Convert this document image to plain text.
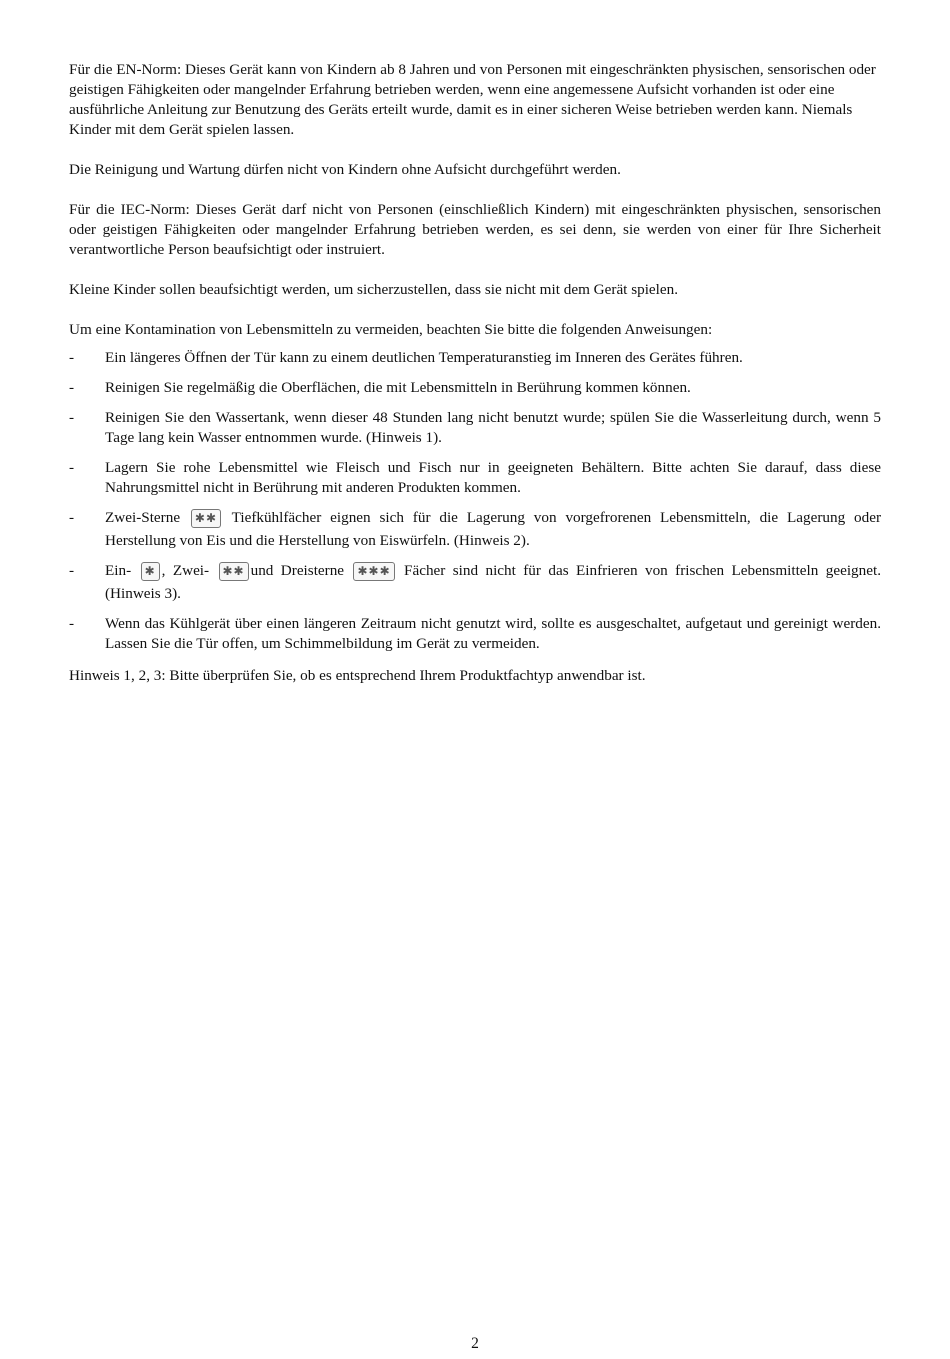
Für die EN-Norm: Dieses Gerät kann von Kindern ab 8 Jahren und von Personen mit eingeschränkten physischen, sensorischen oder geistigen Fähigkeiten oder mangelnder Erfahrung betrieben werden, wenn eine angemessene Aufsicht vorhanden ist oder eine ausführliche Anleitung zur Benutzung des Geräts erteilt wurde, damit es in einer sicheren Weise betrieben werden kann. Niemals Kinder mit dem Gerät spielen lassen.

Die Reinigung und Wartung dürfen nicht von Kindern ohne Aufsicht durchgeführt werden.

Für die IEC-Norm: Dieses Gerät darf nicht von Personen (einschließlich Kindern) mit eingeschränkten physischen, sensorischen oder geistigen Fähigkeiten oder mangelnder Erfahrung betrieben werden, es sei denn, sie werden von einer für Ihre Sicherheit verantwortliche Person beaufsichtigt oder instruiert.

Kleine Kinder sollen beaufsichtigt werden, um sicherzustellen, dass sie nicht mit dem Gerät spielen.

Um eine Kontamination von Lebensmitteln zu vermeiden, beachten Sie bitte die folgenden Anweisungen:

- Ein längeres Öffnen der Tür kann zu einem deutlichen Temperaturanstieg im Inneren des Gerätes führen.
- Reinigen Sie regelmäßig die Oberflächen, die mit Lebensmitteln in Berührung kommen können.
- Reinigen Sie den Wassertank, wenn dieser 48 Stunden lang nicht benutzt wurde; spülen Sie die Wasserleitung durch, wenn 5 Tage lang kein Wasser entnommen wurde. (Hinweis 1).
- Lagern Sie rohe Lebensmittel wie Fleisch und Fisch nur in geeigneten Behältern. Bitte achten Sie darauf, dass diese Nahrungsmittel nicht in Berührung mit anderen Produkten kommen.
- Zwei-Sterne ✱✱ Tiefkühlfächer eignen sich für die Lagerung von vorgefrorenen Lebensmitteln, die Lagerung oder Herstellung von Eis und die Herstellung von Eiswürfeln. (Hinweis 2).
- Ein- ✱ , Zwei- ✱✱ und Dreisterne ✱✱✱ Fächer sind nicht für das Einfrieren von frischen Lebensmitteln geeignet. (Hinweis 3).
- Wenn das Kühlgerät über einen längeren Zeitraum nicht genutzt wird, sollte es ausgeschaltet, aufgetaut und gereinigt werden. Lassen Sie die Tür offen, um Schimmelbildung im Gerät zu vermeiden.

Hinweis 1, 2, 3: Bitte überprüfen Sie, ob es entsprechend Ihrem Produktfachtyp anwendbar ist.

2
